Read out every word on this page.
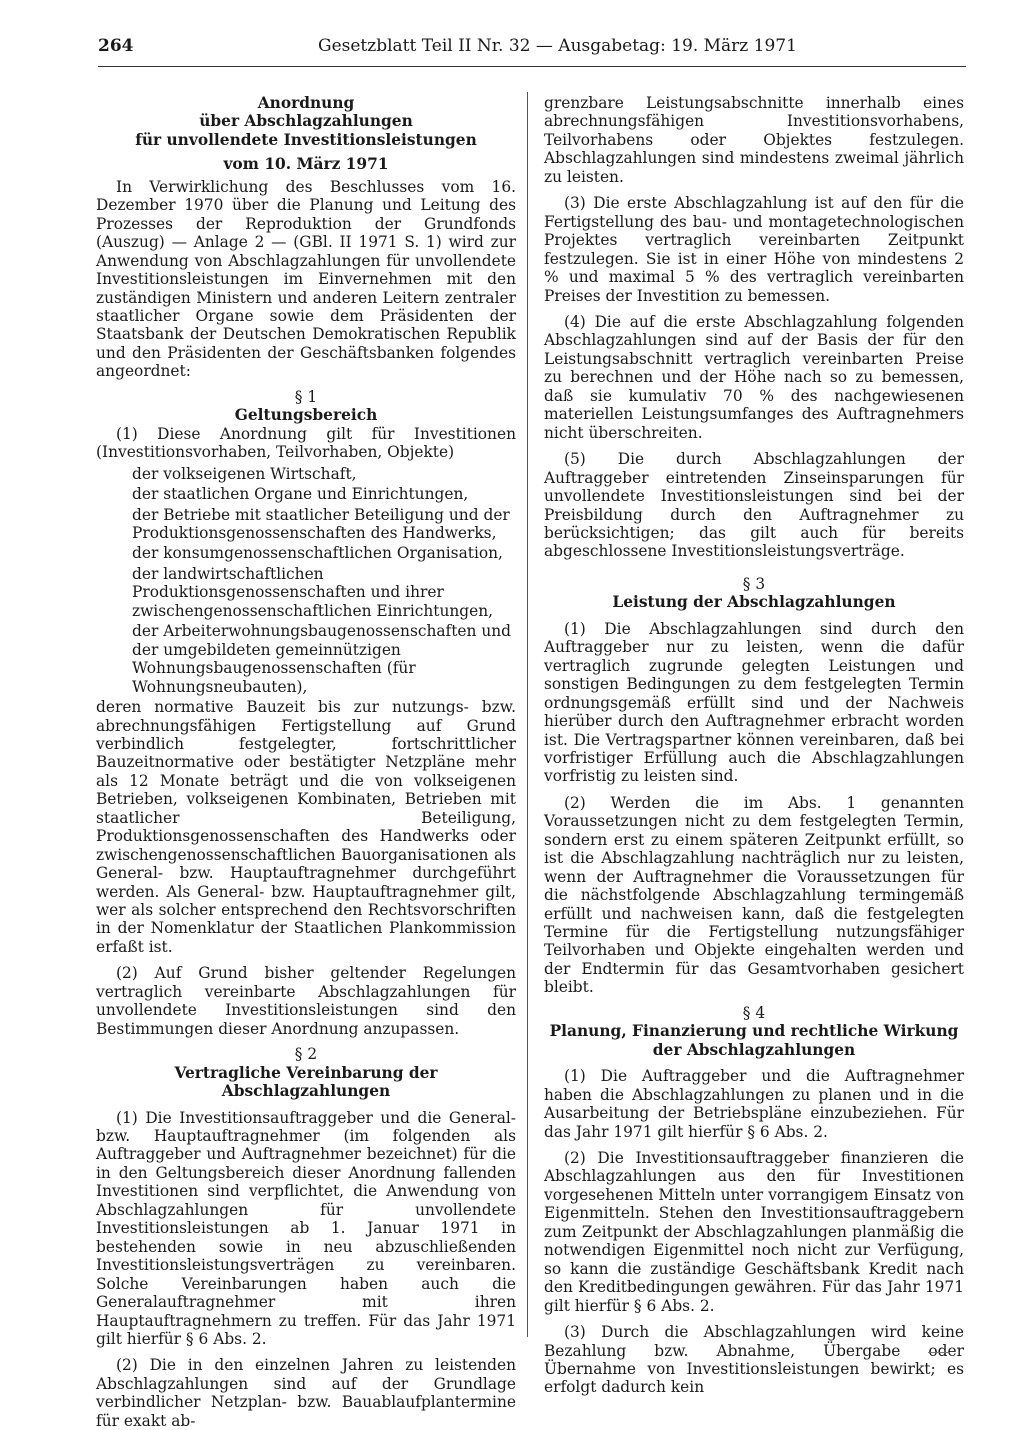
264	Gesetzblatt Teil II Nr. 32 — Ausgabetag: 19. März 1971
Anordnung
über Abschlagzahlungen
für unvollendete Investitionsleistungen
vom 10. März 1971

In Verwirklichung des Beschlusses vom 16. Dezember 1970 über die Planung und Leitung des Prozesses der Reproduktion der Grundfonds (Auszug) — Anlage 2 — (GBl. II 1971 S. 1) wird zur Anwendung von Abschlagzahlungen für unvollendete Investitionsleistungen im Einvernehmen mit den zuständigen Ministern und anderen Leitern zentraler staatlicher Organe sowie dem Präsidenten der Staatsbank der Deutschen Demokratischen Republik und den Präsidenten der Geschäftsbanken folgendes angeordnet:

§ 1
Geltungsbereich

(1) Diese Anordnung gilt für Investitionen (Investitionsvorhaben, Teilvorhaben, Objekte)

der volkseigenen Wirtschaft,
der staatlichen Organe und Einrichtungen,
der Betriebe mit staatlicher Beteiligung und der Produktionsgenossenschaften des Handwerks,
der konsumgenossenschaftlichen Organisation,
der landwirtschaftlichen Produktionsgenossenschaften und ihrer zwischengenossenschaftlichen Einrichtungen,
der Arbeiterwohnungsbaugenossenschaften und der umgebildeten gemeinnützigen Wohnungsbaugenossenschaften (für Wohnungsneubauten),

deren normative Bauzeit bis zur nutzungs- bzw. abrechnungsfähigen Fertigstellung auf Grund verbindlich festgelegter, fortschrittlicher Bauzeitnormative oder bestätigter Netzpläne mehr als 12 Monate beträgt und die von volkseigenen Betrieben, volkseigenen Kombinaten, Betrieben mit staatlicher Beteiligung, Produktionsgenossenschaften des Handwerks oder zwischengenossenschaftlichen Bauorganisationen als General- bzw. Hauptauftragnehmer durchgeführt werden. Als General- bzw. Hauptauftragnehmer gilt, wer als solcher entsprechend den Rechtsvorschriften in der Nomenklatur der Staatlichen Plankommission erfaßt ist.

(2) Auf Grund bisher geltender Regelungen vertraglich vereinbarte Abschlagzahlungen für unvollendete Investitionsleistungen sind den Bestimmungen dieser Anordnung anzupassen.

§ 2
Vertragliche Vereinbarung der Abschlagzahlungen

(1) Die Investitionsauftraggeber und die General- bzw. Hauptauftragnehmer (im folgenden als Auftraggeber und Auftragnehmer bezeichnet) für die in den Geltungsbereich dieser Anordnung fallenden Investitionen sind verpflichtet, die Anwendung von Abschlagzahlungen für unvollendete Investitionsleistungen ab 1. Januar 1971 in bestehenden sowie in neu abzuschließenden Investitionsleistungsverträgen zu vereinbaren. Solche Vereinbarungen haben auch die Generalauftragnehmer mit ihren Hauptauftragnehmern zu treffen. Für das Jahr 1971 gilt hierfür § 6 Abs. 2.

(2) Die in den einzelnen Jahren zu leistenden Abschlagzahlungen sind auf der Grundlage verbindlicher Netzplan- bzw. Bauablaufplantermine für exakt ab-

grenzbare Leistungsabschnitte innerhalb eines abrechnungsfähigen Investitionsvorhabens, Teilvorhabens oder Objektes festzulegen. Abschlagzahlungen sind mindestens zweimal jährlich zu leisten.

(3) Die erste Abschlagzahlung ist auf den für die Fertigstellung des bau- und montagetechnologischen Projektes vertraglich vereinbarten Zeitpunkt festzulegen. Sie ist in einer Höhe von mindestens 2 % und maximal 5 % des vertraglich vereinbarten Preises der Investition zu bemessen.

(4) Die auf die erste Abschlagzahlung folgenden Abschlagzahlungen sind auf der Basis der für den Leistungsabschnitt vertraglich vereinbarten Preise zu berechnen und der Höhe nach so zu bemessen, daß sie kumulativ 70 % des nachgewiesenen materiellen Leistungsumfanges des Auftragnehmers nicht überschreiten.

(5) Die durch Abschlagzahlungen der Auftraggeber eintretenden Zinseinsparungen für unvollendete Investitionsleistungen sind bei der Preisbildung durch den Auftragnehmer zu berücksichtigen; das gilt auch für bereits abgeschlossene Investitionsleistungsverträge.

§ 3
Leistung der Abschlagzahlungen

(1) Die Abschlagzahlungen sind durch den Auftraggeber nur zu leisten, wenn die dafür vertraglich zugrunde gelegten Leistungen und sonstigen Bedingungen zu dem festgelegten Termin ordnungsgemäß erfüllt sind und der Nachweis hierüber durch den Auftragnehmer erbracht worden ist. Die Vertragspartner können vereinbaren, daß bei vorfristiger Erfüllung auch die Abschlagzahlungen vorfristig zu leisten sind.

(2) Werden die im Abs. 1 genannten Voraussetzungen nicht zu dem festgelegten Termin, sondern erst zu einem späteren Zeitpunkt erfüllt, so ist die Abschlagzahlung nachträglich nur zu leisten, wenn der Auftragnehmer die Voraussetzungen für die nächstfolgende Abschlagzahlung termingemäß erfüllt und nachweisen kann, daß die festgelegten Termine für die Fertigstellung nutzungsfähiger Teilvorhaben und Objekte eingehalten werden und der Endtermin für das Gesamtvorhaben gesichert bleibt.

§ 4
Planung, Finanzierung und rechtliche Wirkung
der Abschlagzahlungen

(1) Die Auftraggeber und die Auftragnehmer haben die Abschlagzahlungen zu planen und in die Ausarbeitung der Betriebspläne einzubeziehen. Für das Jahr 1971 gilt hierfür § 6 Abs. 2.

(2) Die Investitionsauftraggeber finanzieren die Abschlagzahlungen aus den für Investitionen vorgesehenen Mitteln unter vorrangigem Einsatz von Eigenmitteln. Stehen den Investitionsauftraggebern zum Zeitpunkt der Abschlagzahlungen planmäßig die notwendigen Eigenmittel noch nicht zur Verfügung, so kann die zuständige Geschäftsbank Kredit nach den Kreditbedingungen gewähren. Für das Jahr 1971 gilt hierfür § 6 Abs. 2.

(3) Durch die Abschlagzahlungen wird keine Bezahlung bzw. Abnahme, Übergabe oder Übernahme von Investitionsleistungen bewirkt; es erfolgt dadurch kein
